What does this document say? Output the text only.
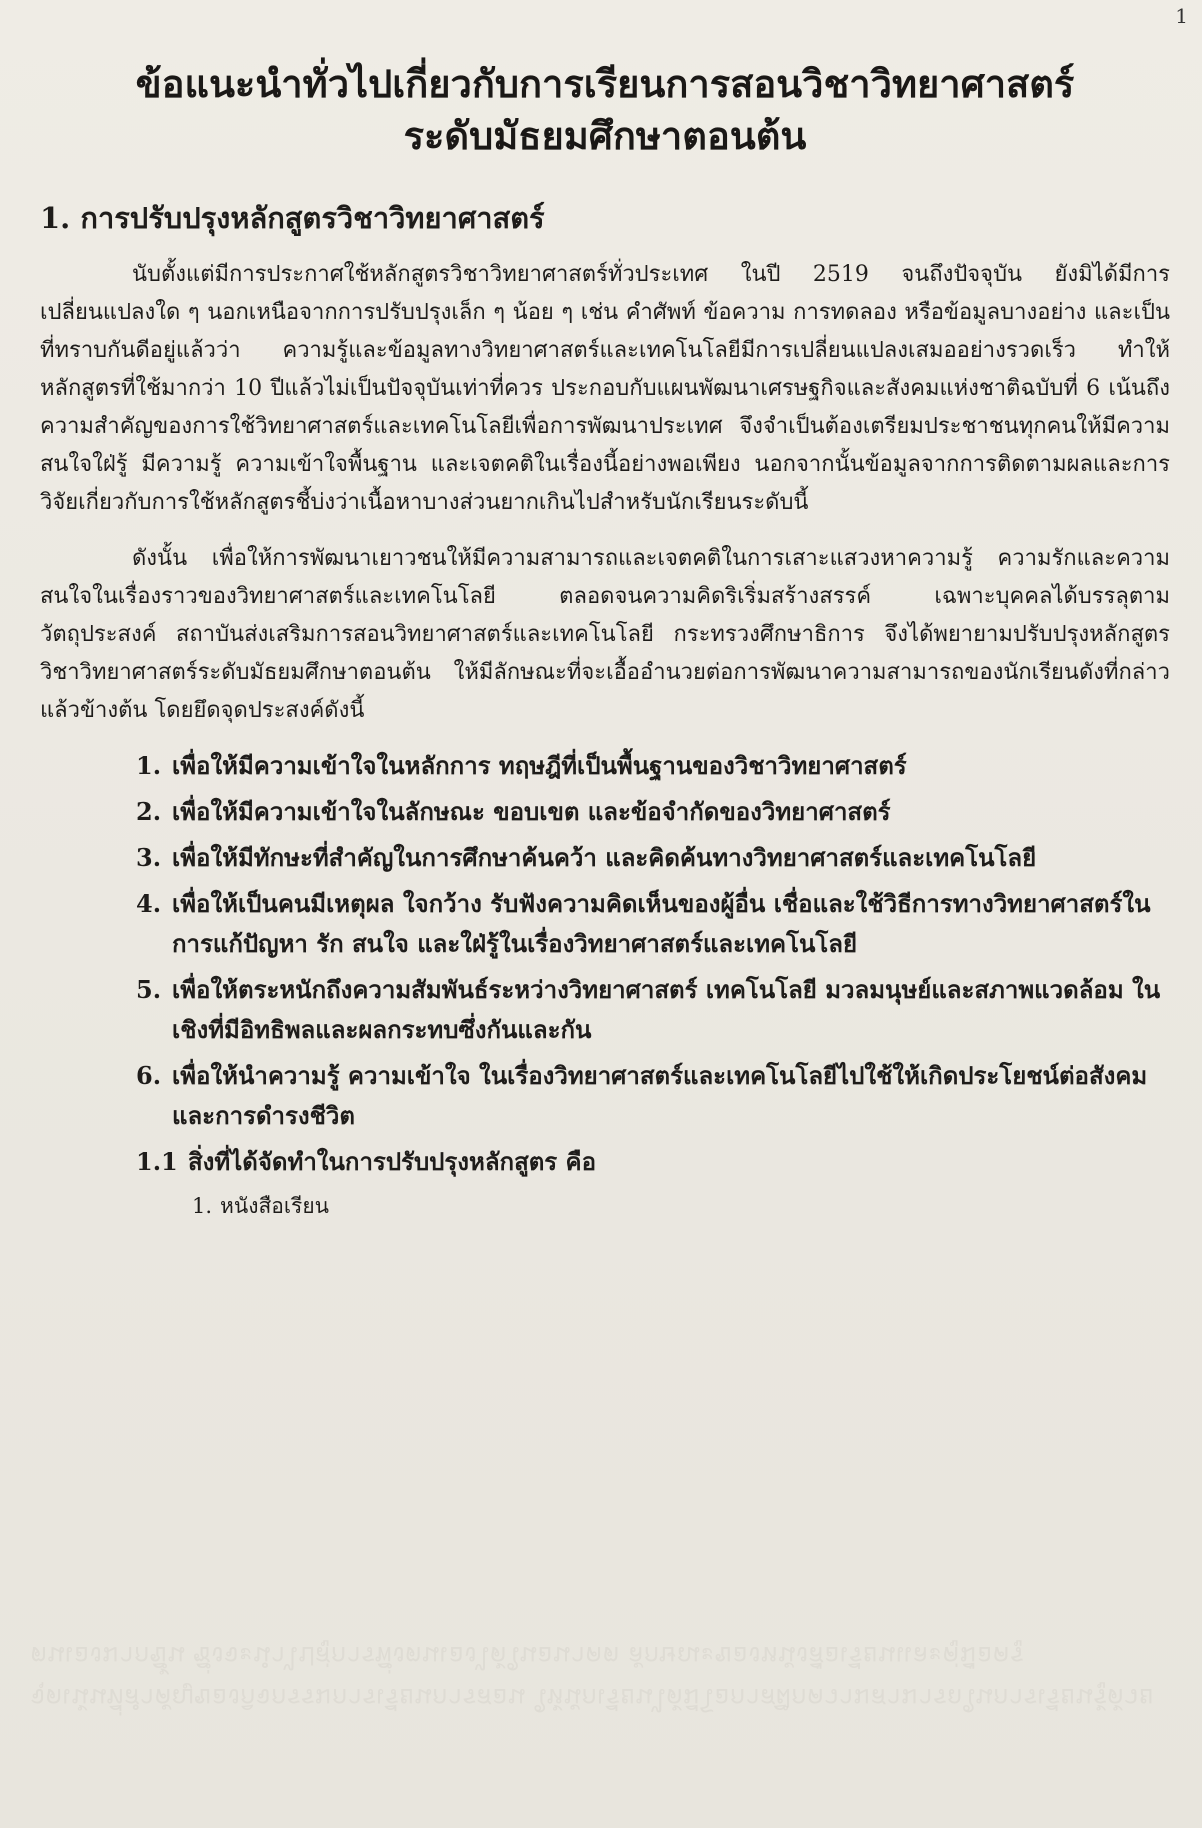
จุดเน้นที่สำคัญของกิจกรรมการเรียนการสอน ให้นักเรียนได้มีโอกาสฝึกความสามารถในการเรียนรู้ด้วยตนเองมากขึ้น ซึ่งจะนำไปสู่การพึ่งตนเองได้ในอนาคต ลักษณะของหนังสือเรียนและคู่มือครู
1
ข้อแนะนำทั่วไปเกี่ยวกับการเรียนการสอนวิชาวิทยาศาสตร์
ระดับมัธยมศึกษาตอนต้น
1. การปรับปรุงหลักสูตรวิชาวิทยาศาสตร์

นับตั้งแต่มีการประกาศใช้หลักสูตรวิชาวิทยาศาสตร์ทั่วประเทศ ในปี 2519 จนถึงปัจจุบัน ยังมิได้มีการเปลี่ยนแปลงใด ๆ นอกเหนือจากการปรับปรุงเล็ก ๆ น้อย ๆ เช่น คำศัพท์ ข้อความ การทดลอง หรือข้อมูลบางอย่าง และเป็นที่ทราบกันดีอยู่แล้วว่า ความรู้และข้อมูลทางวิทยาศาสตร์และเทคโนโลยีมีการเปลี่ยนแปลงเสมออย่างรวดเร็ว ทำให้หลักสูตรที่ใช้มากว่า 10 ปีแล้วไม่เป็นปัจจุบันเท่าที่ควร ประกอบกับแผนพัฒนาเศรษฐกิจและสังคมแห่งชาติฉบับที่ 6 เน้นถึงความสำคัญของการใช้วิทยาศาสตร์และเทคโนโลยีเพื่อการพัฒนาประเทศ จึงจำเป็นต้องเตรียมประชาชนทุกคนให้มีความสนใจใฝ่รู้ มีความรู้ ความเข้าใจพื้นฐาน และเจตคติในเรื่องนี้อย่างพอเพียง นอกจากนั้นข้อมูลจากการติดตามผลและการวิจัยเกี่ยวกับการใช้หลักสูตรชี้บ่งว่าเนื้อหาบางส่วนยากเกินไปสำหรับนักเรียนระดับนี้

ดังนั้น เพื่อให้การพัฒนาเยาวชนให้มีความสามารถและเจตคติในการเสาะแสวงหาความรู้ ความรักและความสนใจในเรื่องราวของวิทยาศาสตร์และเทคโนโลยี ตลอดจนความคิดริเริ่มสร้างสรรค์ เฉพาะบุคคลได้บรรลุตามวัตถุประสงค์ สถาบันส่งเสริมการสอนวิทยาศาสตร์และเทคโนโลยี กระทรวงศึกษาธิการ จึงได้พยายามปรับปรุงหลักสูตรวิชาวิทยาศาสตร์ระดับมัธยมศึกษาตอนต้น ให้มีลักษณะที่จะเอื้ออำนวยต่อการพัฒนาความสามารถของนักเรียนดังที่กล่าวแล้วข้างต้น โดยยึดจุดประสงค์ดังนี้

1. เพื่อให้มีความเข้าใจในหลักการ ทฤษฎีที่เป็นพื้นฐานของวิชาวิทยาศาสตร์
2. เพื่อให้มีความเข้าใจในลักษณะ ขอบเขต และข้อจำกัดของวิทยาศาสตร์
3. เพื่อให้มีทักษะที่สำคัญในการศึกษาค้นคว้า และคิดค้นทางวิทยาศาสตร์และเทคโนโลยี
4. เพื่อให้เป็นคนมีเหตุผล ใจกว้าง รับฟังความคิดเห็นของผู้อื่น เชื่อและใช้วิธีการทางวิทยาศาสตร์ในการแก้ปัญหา รัก สนใจ และใฝ่รู้ในเรื่องวิทยาศาสตร์และเทคโนโลยี
5. เพื่อให้ตระหนักถึงความสัมพันธ์ระหว่างวิทยาศาสตร์ เทคโนโลยี มวลมนุษย์และสภาพแวดล้อม ในเชิงที่มีอิทธิพลและผลกระทบซึ่งกันและกัน
6. เพื่อให้นำความรู้ ความเข้าใจ ในเรื่องวิทยาศาสตร์และเทคโนโลยีไปใช้ให้เกิดประโยชน์ต่อสังคมและการดำรงชีวิต
1.1 สิ่งที่ได้จัดทำในการปรับปรุงหลักสูตร คือ
1. หนังสือเรียน
